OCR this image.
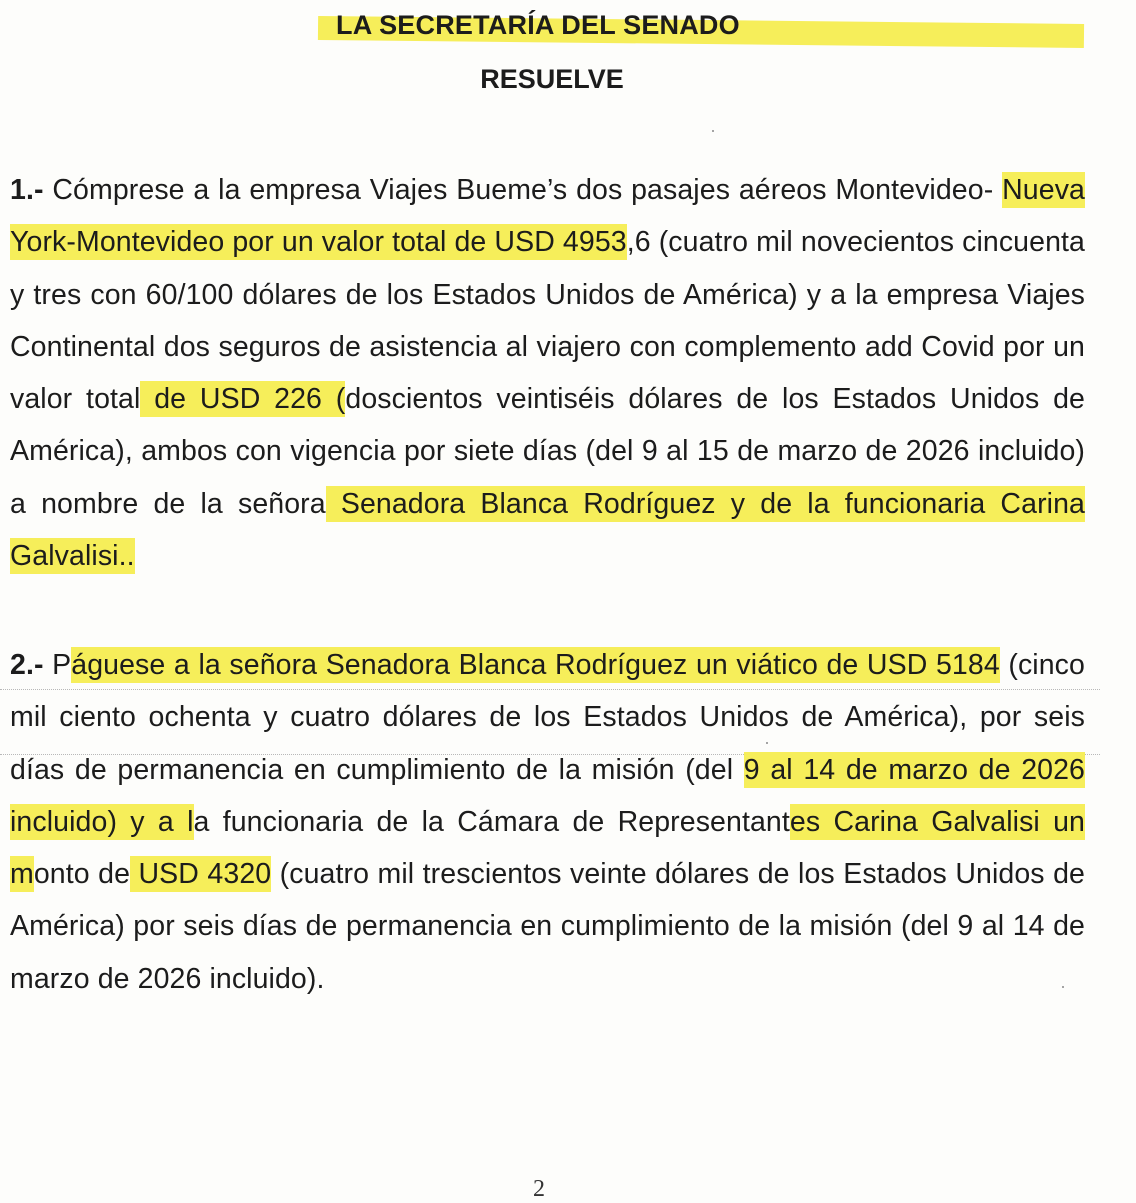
LA SECRETARÍA DEL SENADO
RESUELVE
1.- Cómprese a la empresa Viajes Bueme’s dos pasajes aéreos Montevideo- Nueva York-Montevideo por un valor total de USD 4953,6 (cuatro mil novecientos cincuenta y tres con 60/100 dólares de los Estados Unidos de América) y a la empresa Viajes Continental dos seguros de asistencia al viajero con complemento add Covid por un valor total de USD 226 (doscientos veintiséis dólares de los Estados Unidos de América), ambos con vigencia por siete días (del 9 al 15 de marzo de 2026 incluido) a nombre de la señora Senadora Blanca Rodríguez y de la funcionaria Carina Galvalisi..
2.- Páguese a la señora Senadora Blanca Rodríguez un viático de USD 5184 (cinco mil ciento ochenta y cuatro dólares de los Estados Unidos de América), por seis días de permanencia en cumplimiento de la misión (del 9 al 14 de marzo de 2026 incluido) y a la funcionaria de la Cámara de Representantes Carina Galvalisi un monto de USD 4320 (cuatro mil trescientos veinte dólares de los Estados Unidos de América) por seis días de permanencia en cumplimiento de la misión (del 9 al 14 de marzo de 2026 incluido).
2
